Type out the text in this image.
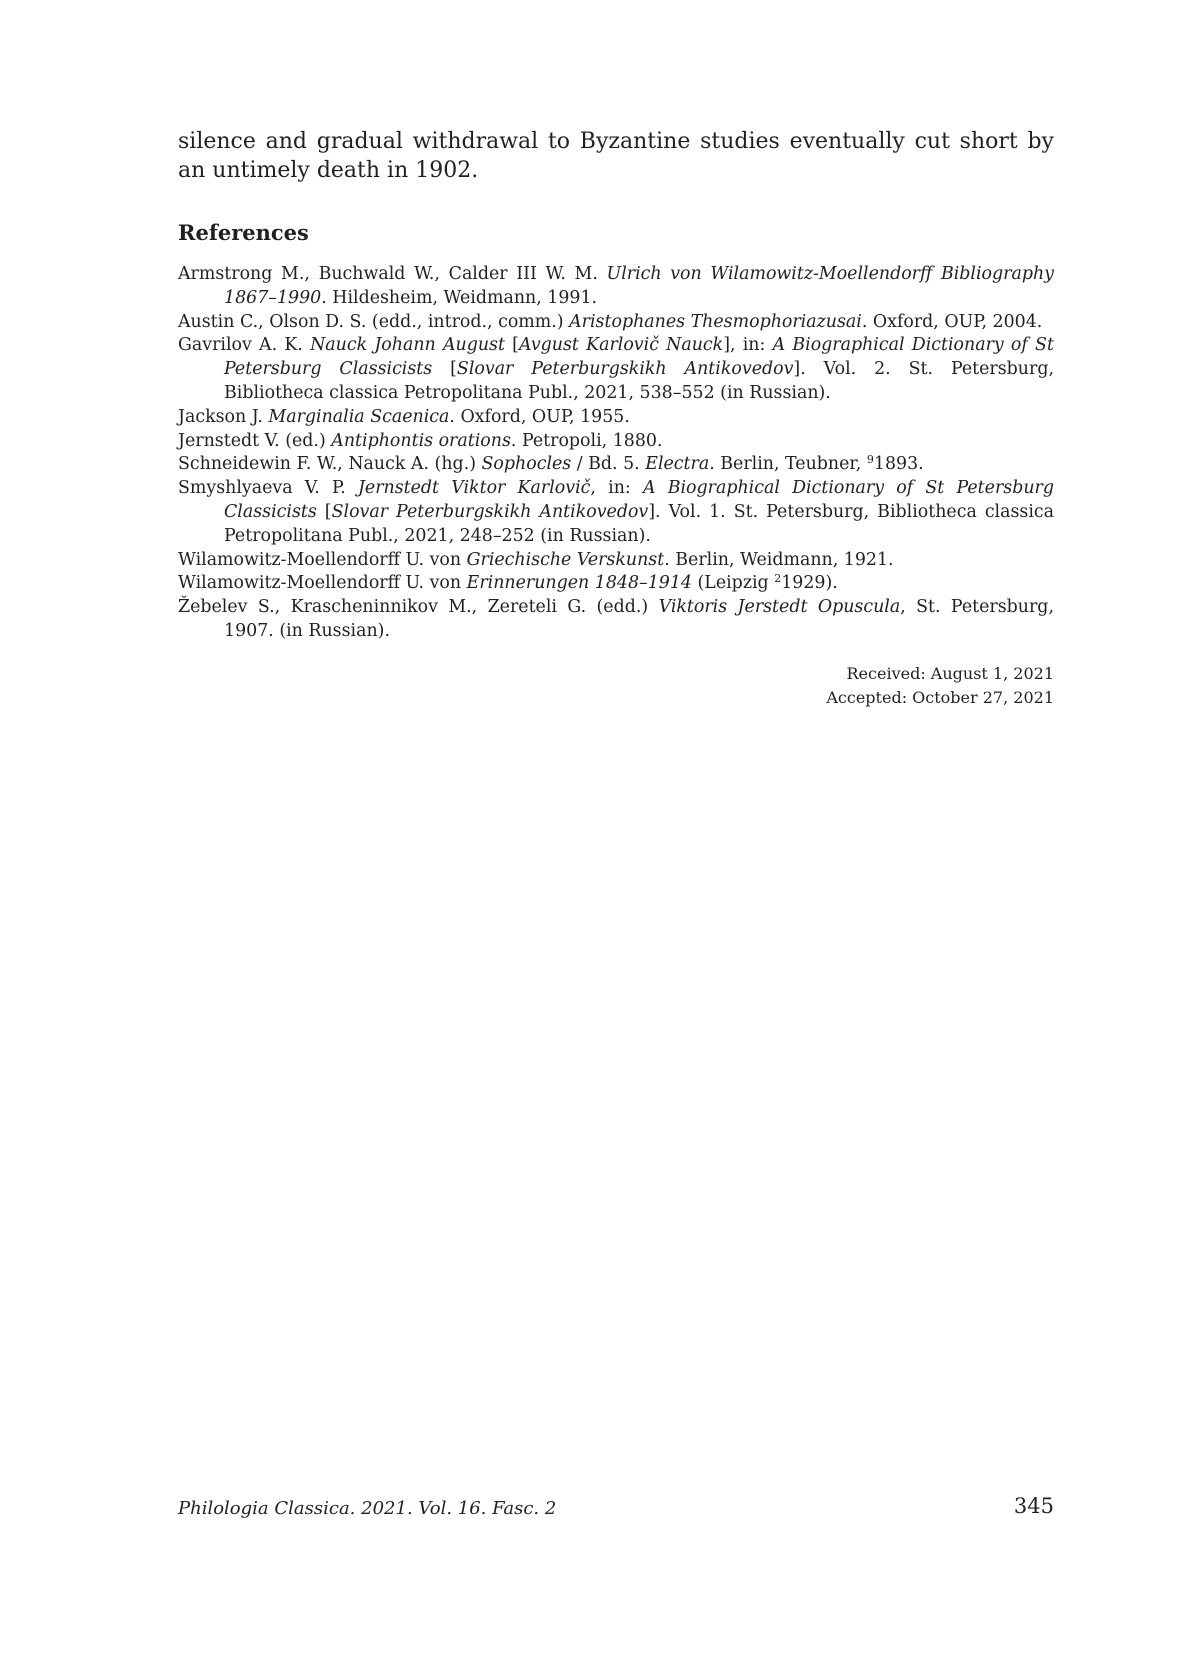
silence and gradual withdrawal to Byzantine studies eventually cut short by an untimely death in 1902.

References
Armstrong M., Buchwald W., Calder III W. M. Ulrich von Wilamowitz-Moellendorff Bibliography 1867–1990. Hildesheim, Weidmann, 1991.
Austin C., Olson D. S. (edd., introd., comm.) Aristophanes Thesmophoriazusai. Oxford, OUP, 2004.
Gavrilov A. K. Nauck Johann August [Avgust Karlovič Nauck], in: A Biographical Dictionary of St Petersburg Classicists [Slovar Peterburgskikh Antikovedov]. Vol. 2. St. Petersburg, Bibliotheca classica Petropolitana Publ., 2021, 538–552 (in Russian).
Jackson J. Marginalia Scaenica. Oxford, OUP, 1955.
Jernstedt V. (ed.) Antiphontis orations. Petropoli, 1880.
Schneidewin F. W., Nauck A. (hg.) Sophocles / Bd. 5. Electra. Berlin, Teubner, $^9$1893.
Smyshlyaeva V. P. Jernstedt Viktor Karlovič, in: A Biographical Dictionary of St Petersburg Classicists [Slovar Peterburgskikh Antikovedov]. Vol. 1. St. Petersburg, Bibliotheca classica Petropolitana Publ., 2021, 248–252 (in Russian).
Wilamowitz-Moellendorff U. von Griechische Verskunst. Berlin, Weidmann, 1921.
Wilamowitz-Moellendorff U. von Erinnerungen 1848–1914 (Leipzig $^2$1929).
Žebelev S., Krascheninnikov M., Zereteli G. (edd.) Viktoris Jerstedt Opuscula, St. Petersburg, 1907. (in Russian).
Received: August 1, 2021
Accepted: October 27, 2021
Philologia Classica. 2021. Vol. 16. Fasc. 2	345
